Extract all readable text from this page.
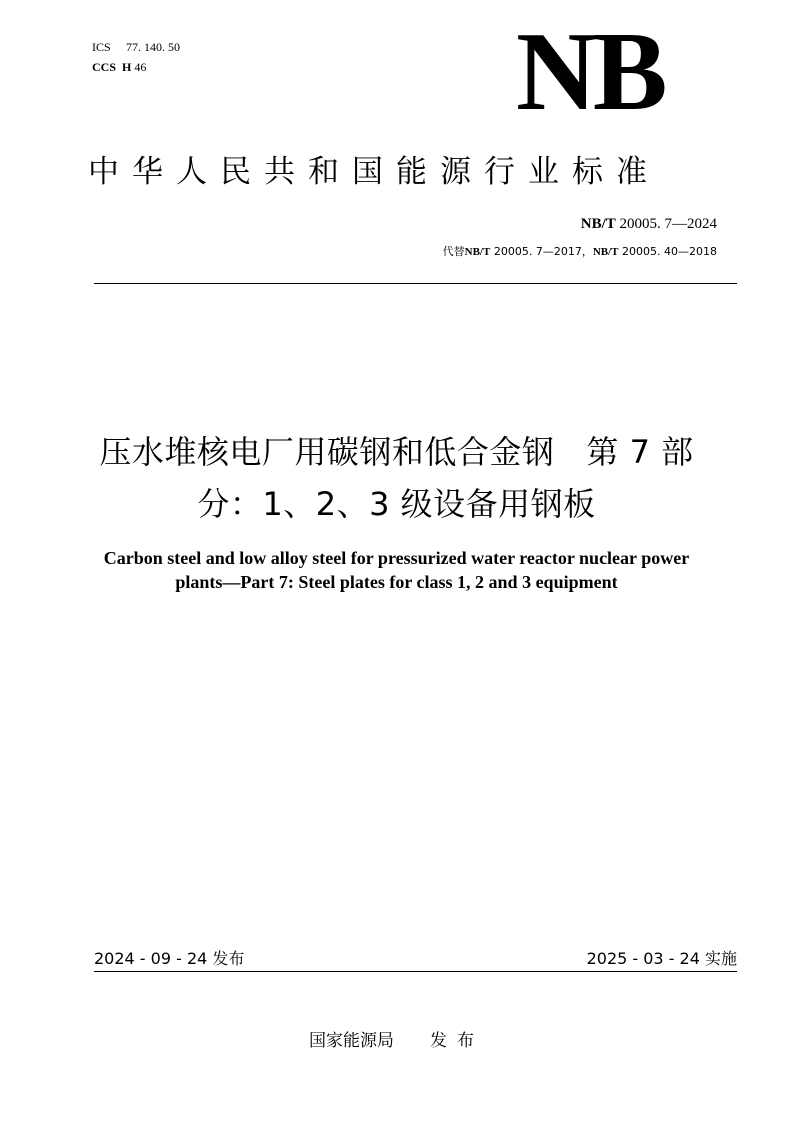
ICS 77. 140. 50
CCS H 46	NB
中华人民共和国能源行业标准
NB/T 20005. 7—2024
代替NB/T 20005. 7—2017，NB/T 20005. 40—2018
压水堆核电厂用碳钢和低合金钢   第 7 部
分：1、2、3 级设备用钢板
Carbon steel and low alloy steel for pressurized water reactor nuclear power
plants—Part 7: Steel plates for class 1, 2 and 3 equipment
2024 - 09 - 24 发布	2025 - 03 - 24 实施
国家能源局 发布
